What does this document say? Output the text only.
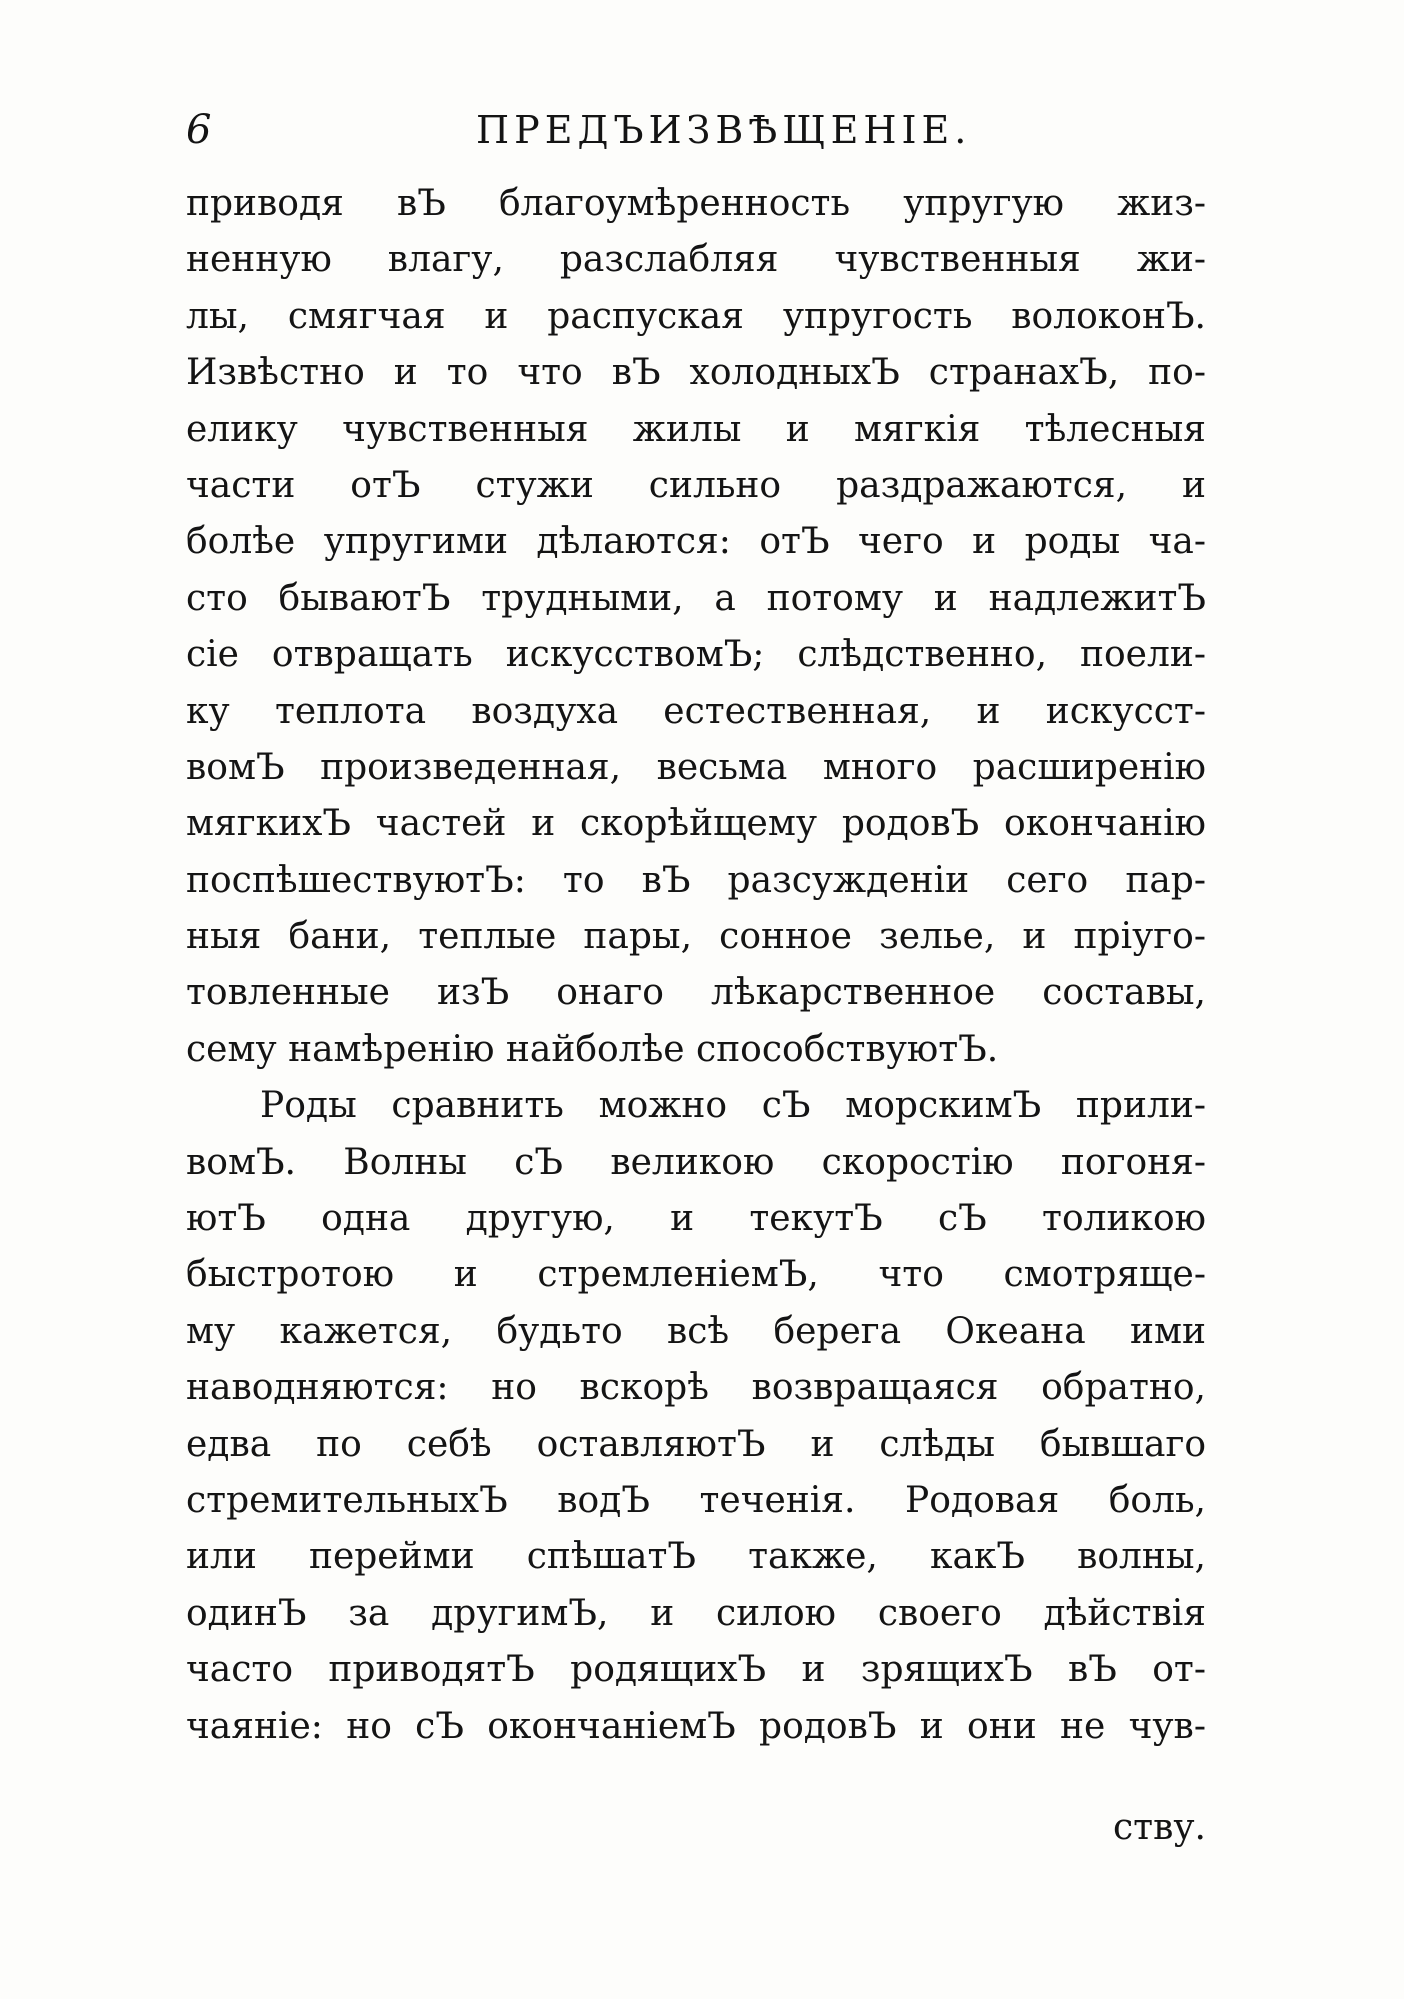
6	ПРЕДЪИЗВѢЩЕНІЕ.
приводя вЪ благоумѣренность упругую жиз-
ненную влагу, разслабляя чувственныя жи-
лы, смягчая и распуская упругость волоконЪ.
Извѣстно и то что вЪ холодныхЪ странахЪ, по-
елику чувственныя жилы и мягкія тѣлесныя
части отЪ стужи сильно раздражаются, и
болѣе упругими дѣлаются: отЪ чего и роды ча-
сто бываютЪ трудными, а потому и надлежитЪ
сіе отвращать искусствомЪ; слѣдственно, поели-
ку теплота воздуха естественная, и искусст-
вомЪ произведенная, весьма много расширенію
мягкихЪ частей и скорѣйщему родовЪ окончанію
поспѣшествуютЪ: то вЪ разсужденіи сего пар-
ныя бани, теплые пары, сонное зелье, и пріуго-
товленные изЪ онаго лѣкарственное составы,
сему намѣренію найболѣе способствуютЪ.
Роды сравнить можно сЪ морскимЪ прили-
вомЪ. Волны сЪ великою скоростію погоня-
ютЪ одна другую, и текутЪ сЪ толикою
быстротою и стремленіемЪ, что смотряще-
му кажется, будьто всѣ берега Океана ими
наводняются: но вскорѣ возвращаяся обратно,
едва по себѣ оставляютЪ и слѣды бывшаго
стремительныхЪ водЪ теченія. Родовая боль,
или перейми спѣшатЪ также, какЪ волны,
одинЪ за другимЪ, и силою своего дѣйствія
часто приводятЪ родящихЪ и зрящихЪ вЪ от-
чаяніе: но сЪ окончаніемЪ родовЪ и они не чув-
ству.
